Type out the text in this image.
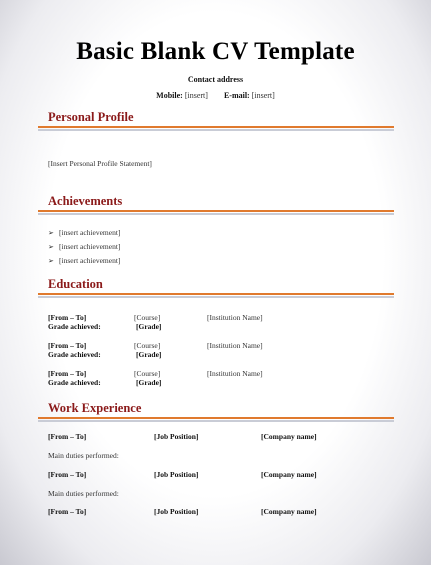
Basic Blank CV Template
Contact address
Mobile: [insert] E-mail: [insert]
Personal Profile
[Insert Personal Profile Statement]
Achievements
➢ [insert achievement]
➢ [insert achievement]
➢ [insert achievement]
Education
[From – To]	[Course]	[Institution Name]
Grade achieved:	[Grade]
[From – To]	[Course]	[Institution Name]
Grade achieved:	[Grade]
[From – To]	[Course]	[Institution Name]
Grade achieved:	[Grade]
Work Experience
[From – To]	[Job Position]	[Company name]
Main duties performed:
[From – To]	[Job Position]	[Company name]
Main duties performed:
[From – To]	[Job Position]	[Company name]
